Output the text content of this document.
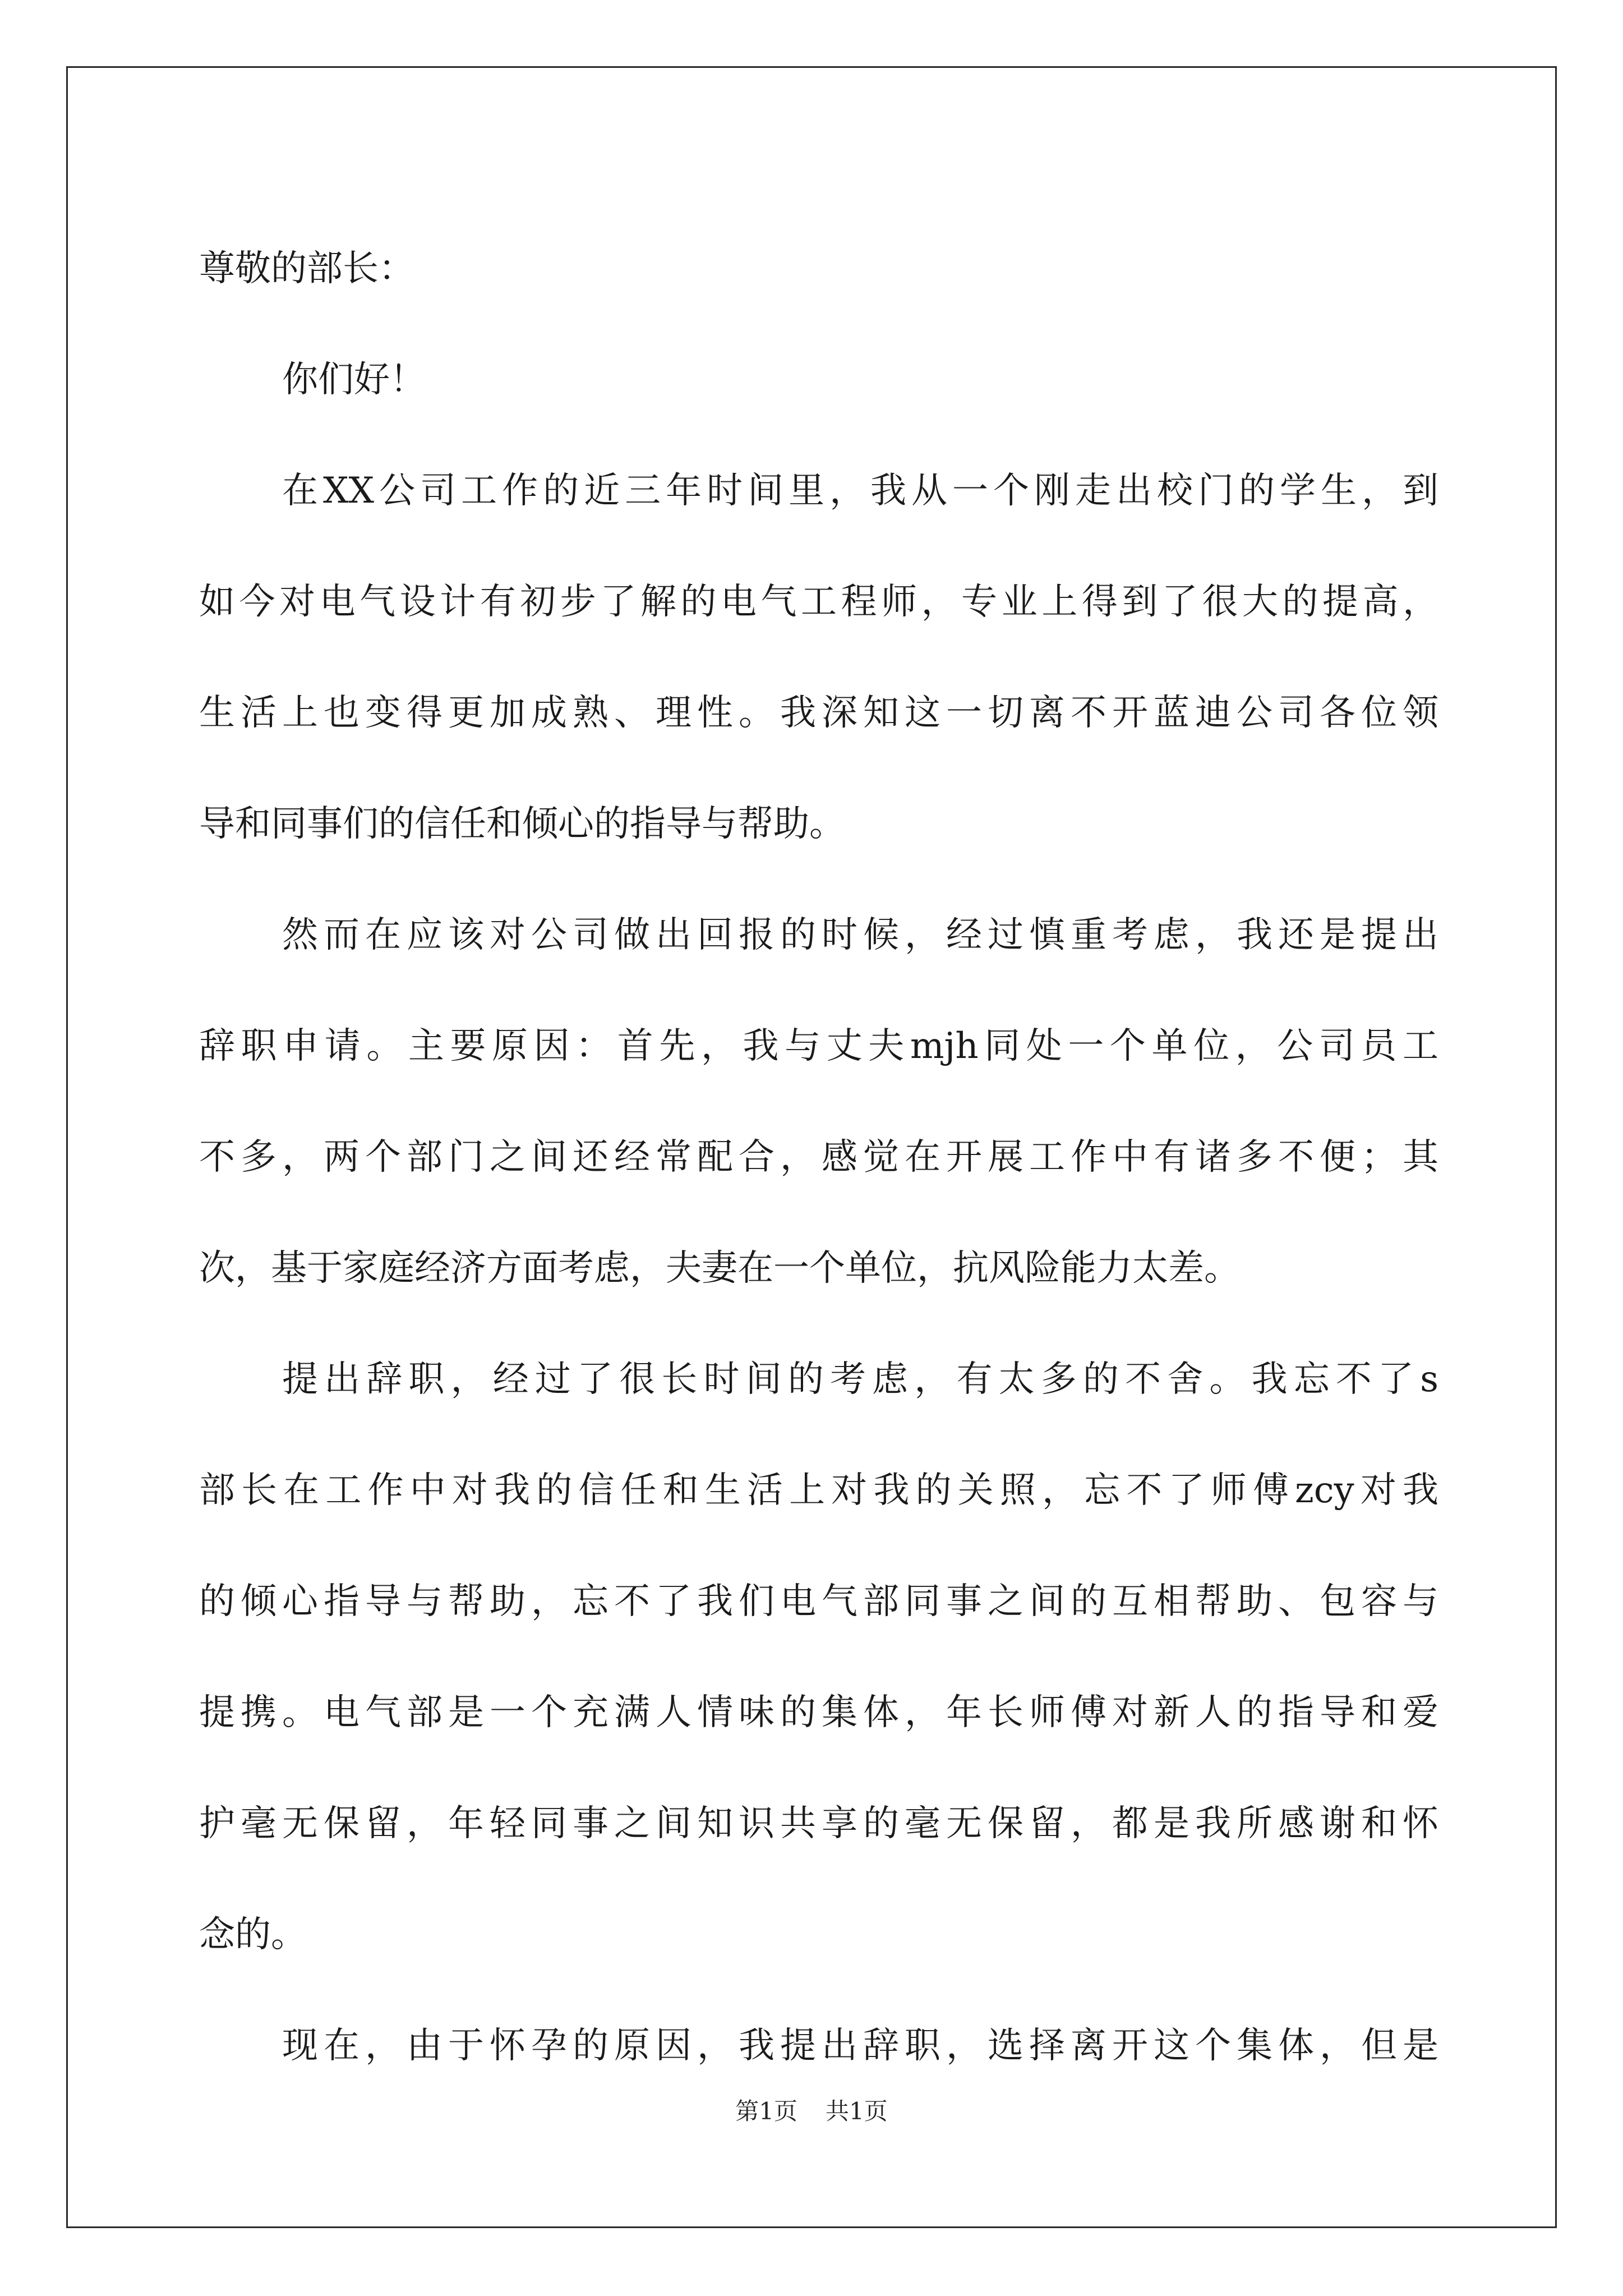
尊敬的部长：
你们好！
在XX公司工作的近三年时间里，我从一个刚走出校门的学生，到
如今对电气设计有初步了解的电气工程师，专业上得到了很大的提高，
生活上也变得更加成熟、理性。我深知这一切离不开蓝迪公司各位领
导和同事们的信任和倾心的指导与帮助。
然而在应该对公司做出回报的时候，经过慎重考虑，我还是提出
辞职申请。主要原因：首先，我与丈夫mjh同处一个单位，公司员工
不多，两个部门之间还经常配合，感觉在开展工作中有诸多不便；其
次，基于家庭经济方面考虑，夫妻在一个单位，抗风险能力太差。
提出辞职，经过了很长时间的考虑，有太多的不舍。我忘不了s
部长在工作中对我的信任和生活上对我的关照，忘不了师傅zcy对我
的倾心指导与帮助，忘不了我们电气部同事之间的互相帮助、包容与
提携。电气部是一个充满人情味的集体，年长师傅对新人的指导和爱
护毫无保留，年轻同事之间知识共享的毫无保留，都是我所感谢和怀
念的。
现在，由于怀孕的原因，我提出辞职，选择离开这个集体，但是
第1页 共1页
